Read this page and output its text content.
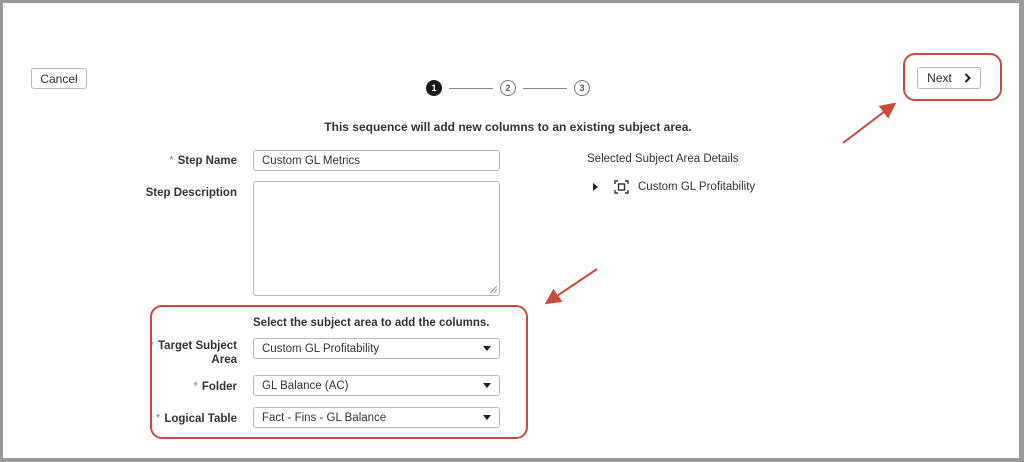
Cancel
1	2	3
Next
This sequence will add new columns to an existing subject area.
* Step Name Custom GL Metrics
Step Description
Select the subject area to add the columns.
* Target Subject
Area
Custom GL Profitability
* Folder GL Balance (AC)
* Logical Table Fact - Fins - GL Balance
Selected Subject Area Details
Custom GL Profitability
